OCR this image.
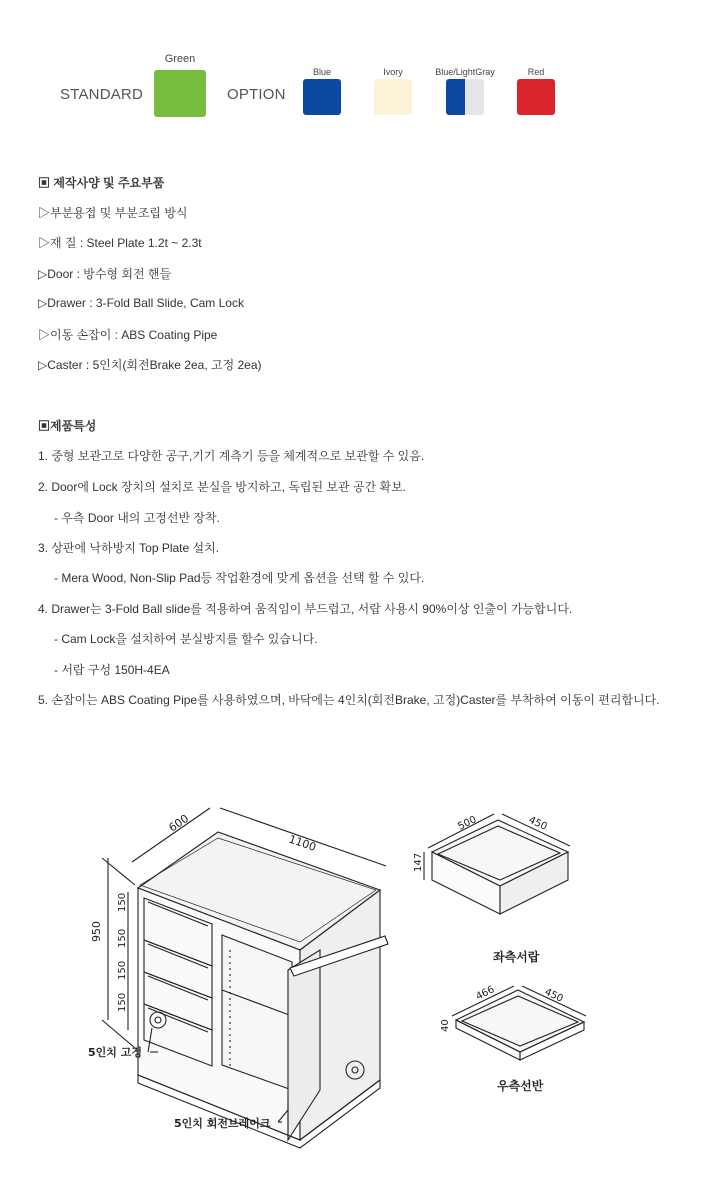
STANDARD
Green
OPTION
Blue	Ivory	Blue/LightGray	Red
▣ 제작사양 및 주요부품
▷부분용접 및 부분조립 방식
▷재 질 : Steel Plate 1.2t ~ 2.3t
▷Door : 방수형 회전 핸들
▷Drawer : 3-Fold Ball Slide, Cam Lock
▷이동 손잡이 : ABS Coating Pipe
▷Caster : 5인치(회전Brake 2ea, 고정 2ea)
▣제품특성
1. 중형 보관고로 다양한 공구,기기 계측기 등을 체계적으로 보관할 수 있음.
2. Door에 Lock 장치의 설치로 분실을 방지하고, 독립된 보관 공간 확보.
- 우측 Door 내의 고정선반 장착.
3. 상판에 낙하방지 Top Plate 설치.
- Mera Wood, Non-Slip Pad등 작업환경에 맞게 옵션을 선택 할 수 있다.
4. Drawer는 3-Fold Ball slide를 적용하여 움직임이 부드럽고, 서랍 사용시 90%이상 인출이 가능합니다.
- Cam Lock을 설치하여 분실방지를 할수 있습니다.
- 서랍 구성 150H-4EA
5. 손잡이는 ABS Coating Pipe를 사용하였으며, 바닥에는 4인치(회전Brake, 고정)Caster를 부착하여 이동이 편리합니다.
600
1100
950
150
150
150
150
5인치 고정
5인치 회전브레이크
500	450
147
좌측서랍
466	450
40
우측선반
